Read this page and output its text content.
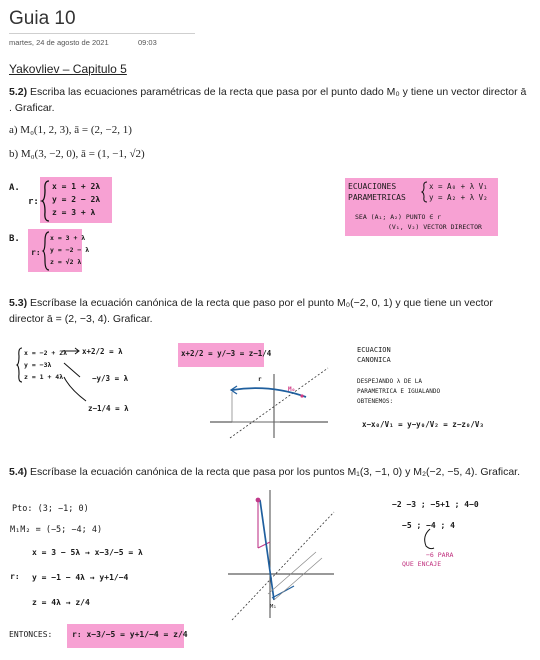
Guia 10
martes, 24 de agosto de 2021	09:03
Yakovliev – Capitulo 5
5.2) Escriba las ecuaciones paramétricas de la recta que pasa por el punto dado M₀ y tiene un vector director ā . Graficar.
a) M₀(1, 2, 3), ā = (2, −2, 1)
b) M₀(3, −2, 0), ā = (1, −1, √2)
A.
r:
x = 1 + 2λ
y = 2 − 2λ
z = 3 + λ
ECUACIONES
PARAMETRICAS
x = A₀ + λ V₁
y = A₂ + λ V₂
SEA (A₁; A₂) PUNTO ∈ r
(V₁, V₂) VECTOR DIRECTOR
B.
r:
x = 3 + λ
y = −2 − λ
z = √2 λ
5.3) Escríbase la ecuación canónica de la recta que paso por el punto M₀(−2, 0, 1) y que tiene un vector director ā = (2, −3, 4). Graficar.
x = −2 + 2λ
y = −3λ
z = 1 + 4λ
x+2/2 = λ
−y/3 = λ
z−1/4 = λ
x+2/2 = y/−3 = z−1/4
r
M₀
ECUACION
CANONICA
DESPEJANDO λ DE LA
PARAMETRICA E IGUALANDO
OBTENEMOS:
x−x₀/V₁ = y−y₀/V₂ = z−z₀/V₃
5.4) Escríbase la ecuación canónica de la recta que pasa por los puntos M₁(3, −1, 0) y M₂(−2, −5, 4). Graficar.
Pto: (3; −1; 0)
M₁M₂ = (−5; −4; 4)
x = 3 − 5λ → x−3/−5 = λ
r: y = −1 − 4λ → y+1/−4
z = 4λ → z/4
ENTONCES: r: x−3/−5 = y+1/−4 = z/4
M₁
−2 −3 ; −5+1 ; 4−0
−5 ; −4 ; 4
−6 PARA
QUE ENCAJE
